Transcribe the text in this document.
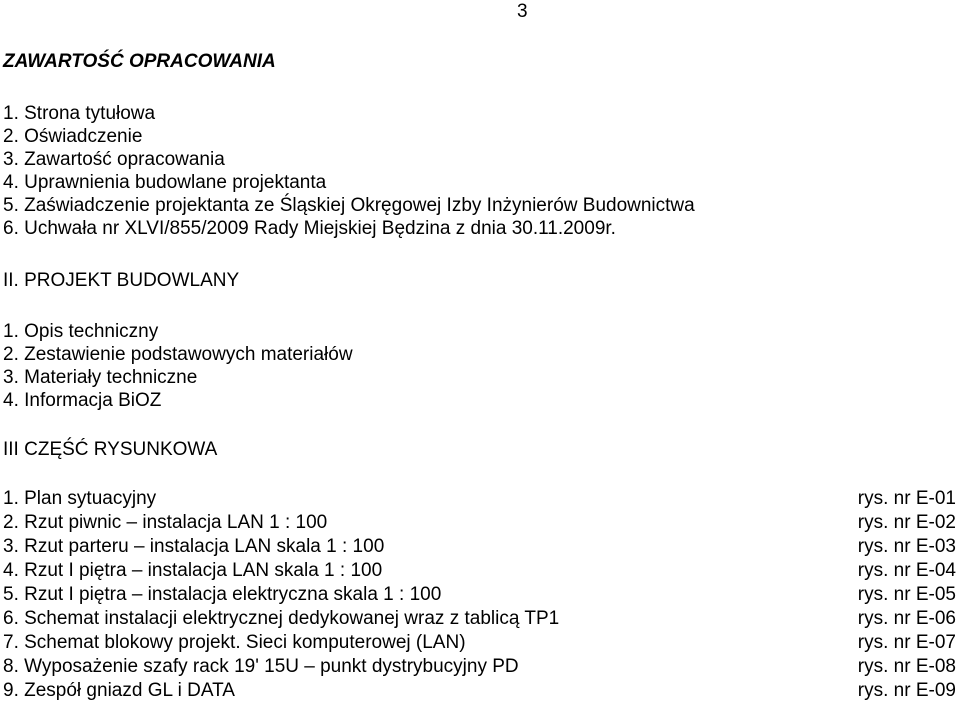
3
ZAWARTOŚĆ OPRACOWANIA
1. Strona tytułowa
2. Oświadczenie
3. Zawartość opracowania
4. Uprawnienia budowlane projektanta
5. Zaświadczenie projektanta ze Śląskiej Okręgowej Izby Inżynierów Budownictwa
6. Uchwała nr XLVI/855/2009 Rady Miejskiej Będzina z dnia 30.11.2009r.
II. PROJEKT BUDOWLANY
1. Opis techniczny
2. Zestawienie podstawowych materiałów
3. Materiały techniczne
4. Informacja BiOZ
III CZĘŚĆ RYSUNKOWA
1. Plan sytuacyjny	rys. nr E-01
2. Rzut piwnic – instalacja LAN 1 : 100	rys. nr E-02
3. Rzut parteru – instalacja LAN skala 1 : 100	rys. nr E-03
4. Rzut I piętra – instalacja LAN skala 1 : 100	rys. nr E-04
5. Rzut I piętra – instalacja elektryczna skala 1 : 100	rys. nr E-05
6. Schemat instalacji elektrycznej dedykowanej wraz z tablicą TP1	rys. nr E-06
7. Schemat blokowy projekt. Sieci komputerowej (LAN)	rys. nr E-07
8. Wyposażenie szafy rack 19' 15U – punkt dystrybucyjny PD	rys. nr E-08
9. Zespół gniazd GL i DATA	rys. nr E-09
